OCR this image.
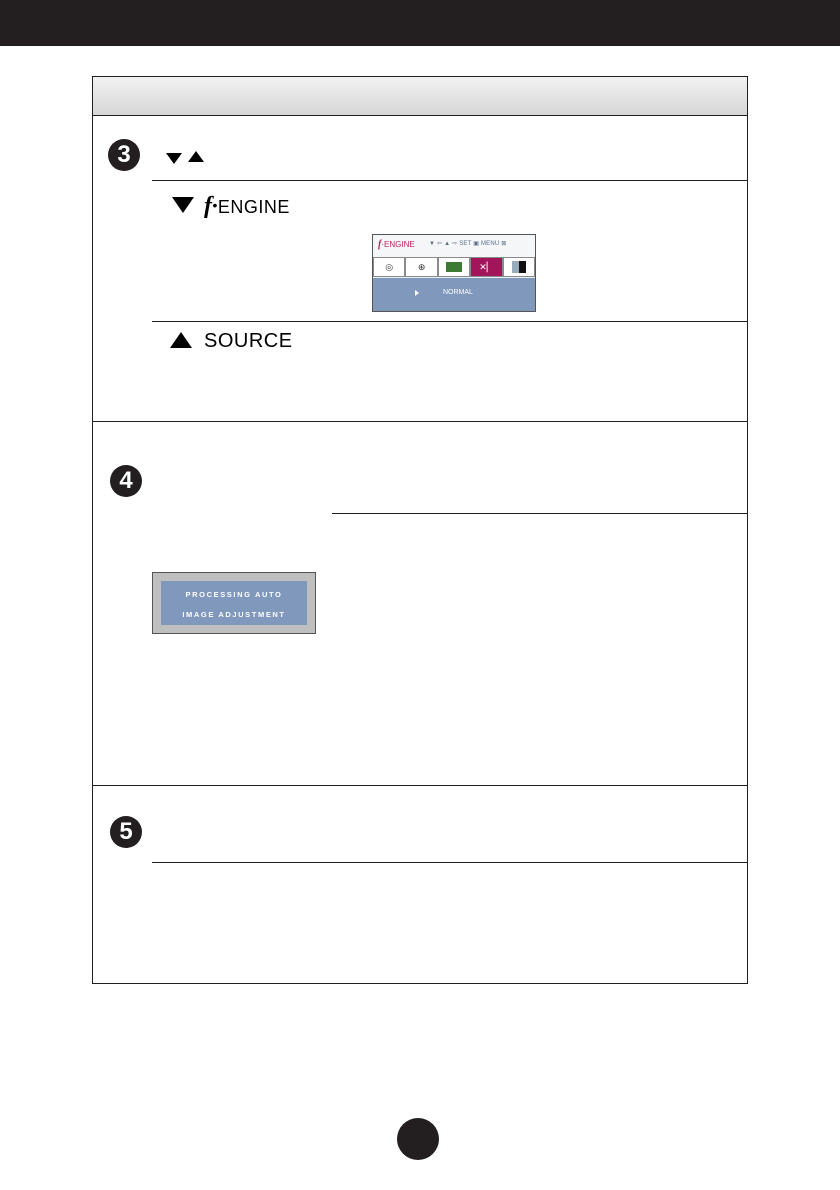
3
f•ENGINE
f·ENGINE ▼ ⇦ ▲ ⇨ SET ▣ MENU ⊠
◎	⊕	✕▏
NORMAL
SOURCE
4
PROCESSING AUTO
IMAGE ADJUSTMENT
5
